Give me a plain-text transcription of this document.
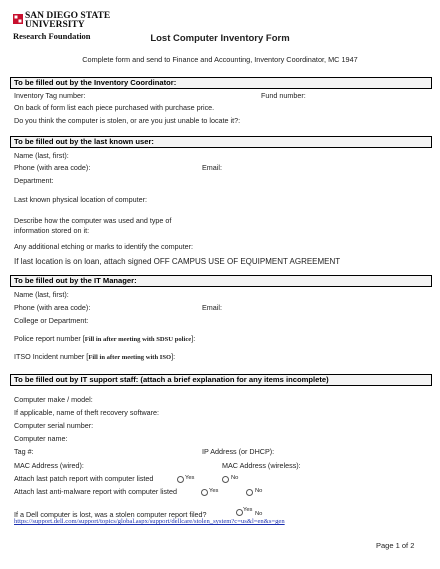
SAN DIEGO STATE
UNIVERSITY
Research Foundation	Lost Computer Inventory Form
Complete form and send to Finance and Accounting, Inventory Coordinator, MC 1947
To be filled out by the Inventory Coordinator:
Inventory Tag number:	Fund number:
On back of form list each piece purchased with purchase price.
Do you think the computer is stolen, or are you just unable to locate it?:
To be filled out by the last known user:
Name (last, first):
Phone (with area code):	Email:
Department:
Last known physical location of computer:
Describe how the computer was used and type of
information stored on it:
Any additional etching or marks to identify the computer:
If last location is on loan, attach signed OFF CAMPUS USE OF EQUIPMENT AGREEMENT
To be filled out by the IT Manager:
Name (last, first):
Phone (with area code):	Email:
College or Department:
Police report number [Fill in after meeting with SDSU police]:
ITSO Incident number [Fill in after meeting with ISO]:
To be filled out by IT support staff: (attach a brief explanation for any items incomplete)
Computer make / model:
If applicable, name of theft recovery software:
Computer serial number:
Computer name:
Tag #:	IP Address (or DHCP):
MAC Address (wired):	MAC Address (wireless):
Attach last patch report with computer listed	Yes	No
Attach last anti-malware report with computer listed	Yes	No
If a Dell computer is lost, was a stolen computer report filed?	Yes
No
https://support.dell.com/support/topics/global.aspx/support/dellcare/stolen_system?c=us&l=en&s=gen
Page 1 of 2
